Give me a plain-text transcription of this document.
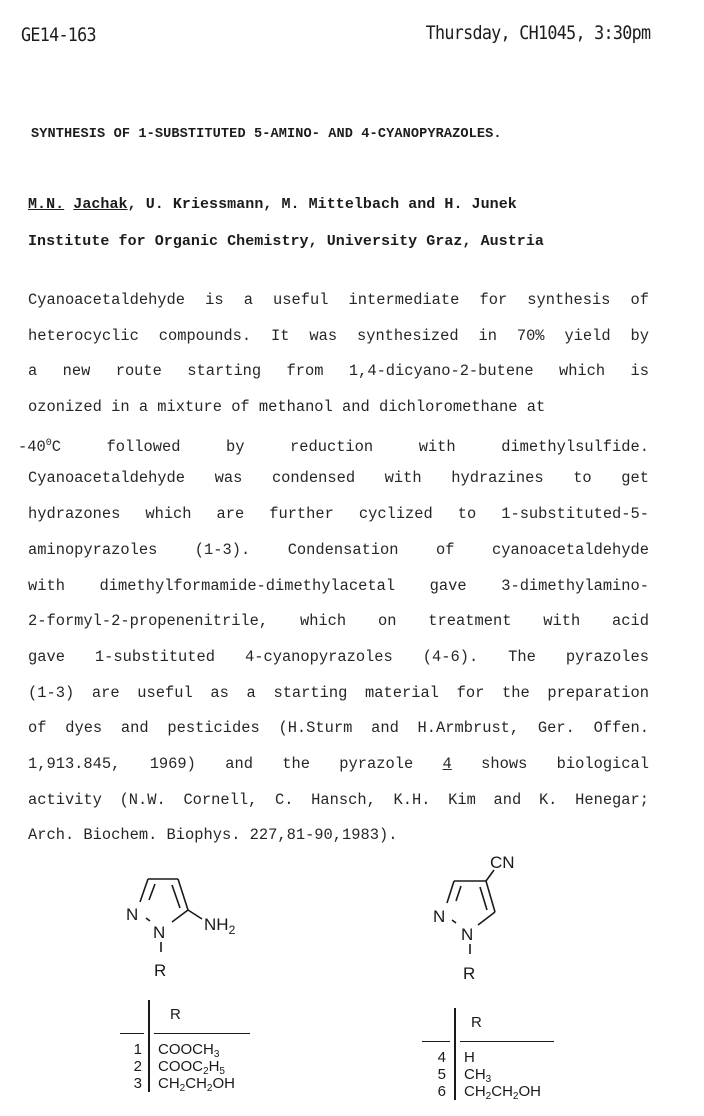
GE14-163	Thursday, CH1045, 3:30pm
SYNTHESIS OF 1-SUBSTITUTED 5-AMINO- AND 4-CYANOPYRAZOLES.
M.N. Jachak, U. Kriessmann, M. Mittelbach and H. Junek
Institute for Organic Chemistry, University Graz, Austria
Cyanoacetaldehyde is a useful intermediate for synthesis of
heterocyclic compounds. It was synthesized in 70% yield by
a new route starting from 1,4-dicyano-2-butene which is
ozonized in a mixture of methanol and dichloromethane at
$-40^0C$	followed by reduction with dimethylsulfide.
Cyanoacetaldehyde was condensed with hydrazines to get
hydrazones which are further cyclized to 1-substituted-5-
aminopyrazoles (1-3). Condensation of cyanoacetaldehyde
with dimethylformamide-dimethylacetal gave 3-dimethylamino-
2-formyl-2-propenenitrile, which on treatment with acid
gave 1-substituted 4-cyanopyrazoles (4-6). The pyrazoles
(1-3) are useful as a starting material for the preparation
of dyes and pesticides (H.Sturm and H.Armbrust, Ger. Offen.
1,913.845, 1969) and the pyrazole 4 shows biological
activity (N.W. Cornell, C. Hansch, K.H. Kim and K. Henegar;
Arch. Biochem. Biophys. 227,81-90,1983).
N
N $NH_2$
R
N
N
CN
R
R
1 $COOCH_3$
2 $COOC_2H_5$
3 $CH_2CH_2OH$
R
4 H
5 $CH_3$
6 $CH_2CH_2OH$
